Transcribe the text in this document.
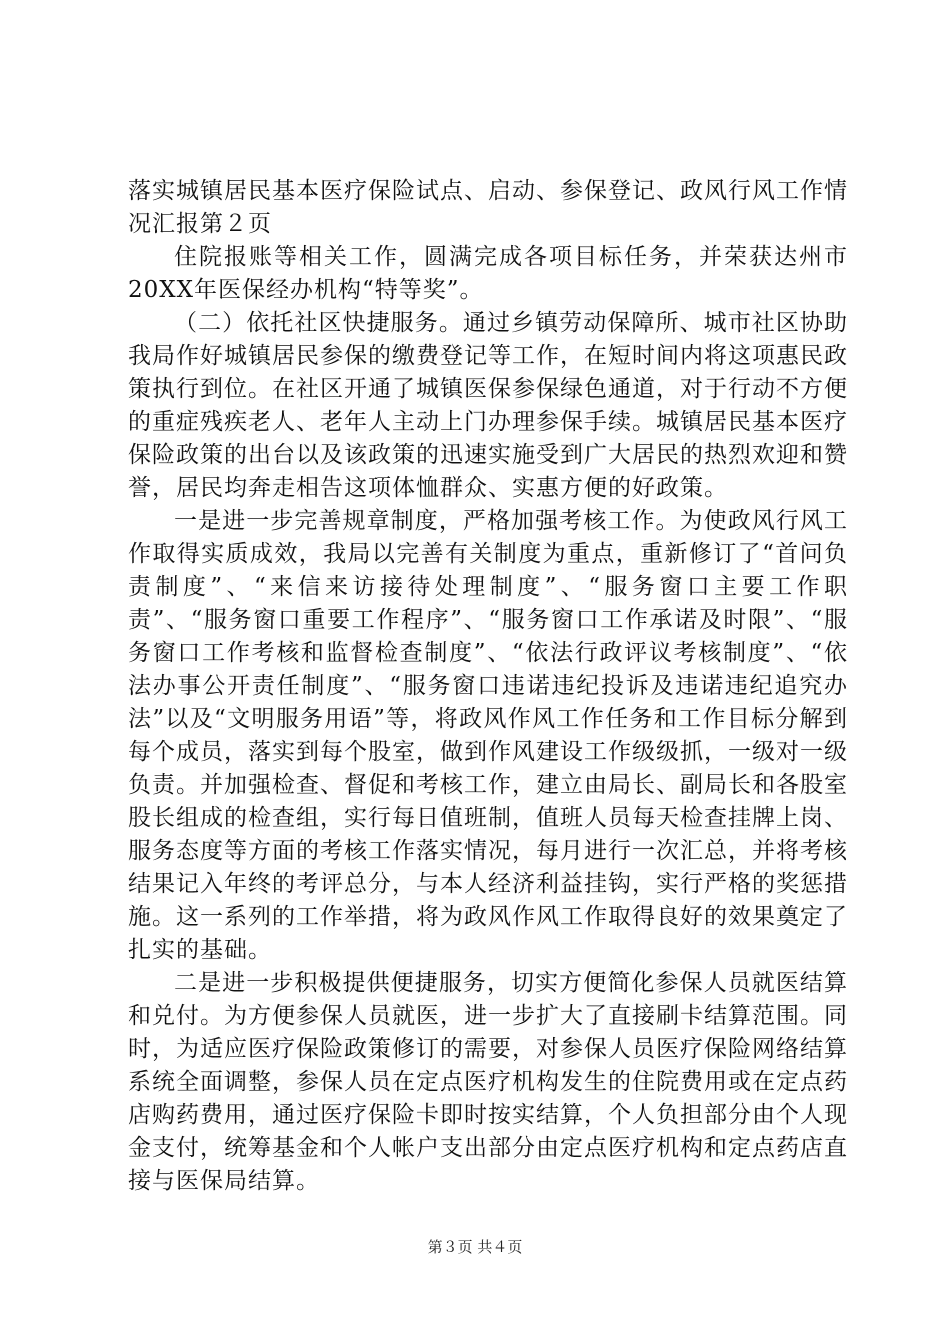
落实城镇居民基本医疗保险试点、启动、参保登记、政风行风工作情况汇报第２页

住院报账等相关工作，圆满完成各项目标任务，并荣获达州市20XX年医保经办机构“特等奖”。

（二）依托社区快捷服务。通过乡镇劳动保障所、城市社区协助我局作好城镇居民参保的缴费登记等工作，在短时间内将这项惠民政策执行到位。在社区开通了城镇医保参保绿色通道，对于行动不方便的重症残疾老人、老年人主动上门办理参保手续。城镇居民基本医疗保险政策的出台以及该政策的迅速实施受到广大居民的热烈欢迎和赞誉，居民均奔走相告这项体恤群众、实惠方便的好政策。

一是进一步完善规章制度，严格加强考核工作。为使政风行风工作取得实质成效，我局以完善有关制度为重点，重新修订了“首问负责制度”、“来信来访接待处理制度”、“服务窗口主要工作职责”、“服务窗口重要工作程序”、“服务窗口工作承诺及时限”、“服务窗口工作考核和监督检查制度”、“依法行政评议考核制度”、“依法办事公开责任制度”、“服务窗口违诺违纪投诉及违诺违纪追究办法”以及“文明服务用语”等，将政风作风工作任务和工作目标分解到每个成员，落实到每个股室，做到作风建设工作级级抓，一级对一级负责。并加强检查、督促和考核工作，建立由局长、副局长和各股室股长组成的检查组，实行每日值班制，值班人员每天检查挂牌上岗、服务态度等方面的考核工作落实情况，每月进行一次汇总，并将考核结果记入年终的考评总分，与本人经济利益挂钩，实行严格的奖惩措施。这一系列的工作举措，将为政风作风工作取得良好的效果奠定了扎实的基础。

二是进一步积极提供便捷服务，切实方便简化参保人员就医结算和兑付。为方便参保人员就医，进一步扩大了直接刷卡结算范围。同时，为适应医疗保险政策修订的需要，对参保人员医疗保险网络结算系统全面调整，参保人员在定点医疗机构发生的住院费用或在定点药店购药费用，通过医疗保险卡即时按实结算，个人负担部分由个人现金支付，统筹基金和个人帐户支出部分由定点医疗机构和定点药店直接与医保局结算。

第３页 共４页
